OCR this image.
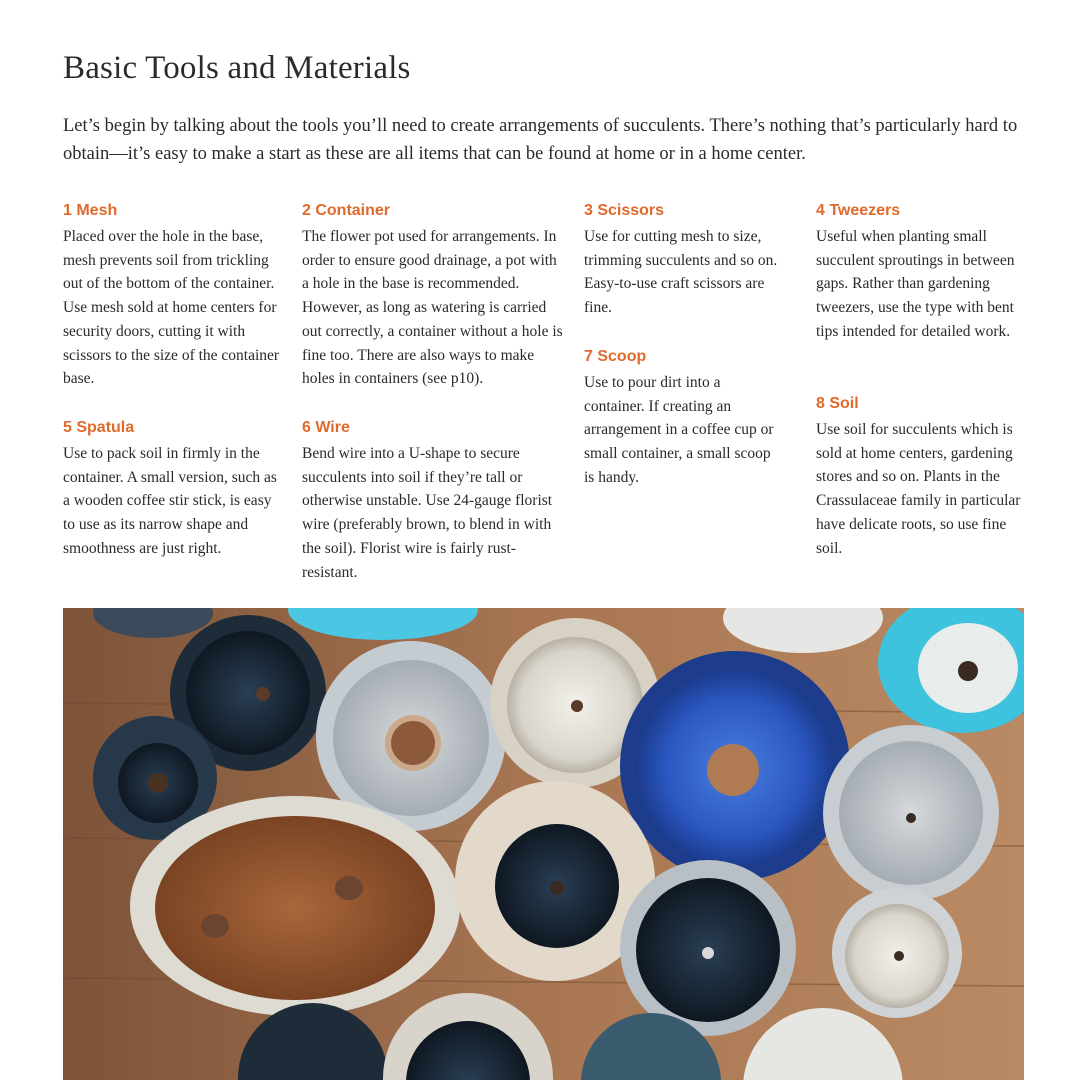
Basic Tools and Materials

Let’s begin by talking about the tools you’ll need to create arrangements of succulents. There’s nothing that’s particularly hard to obtain—it’s easy to make a start as these are all items that can be found at home or in a home center.

1 Mesh

Placed over the hole in the base, mesh prevents soil from trickling out of the bottom of the container. Use mesh sold at home centers for security doors, cutting it with scissors to the size of the container base.

2 Container

The flower pot used for arrangements. In order to ensure good drainage, a pot with a hole in the base is recommended. However, as long as watering is carried out correctly, a container without a hole is fine too. There are also ways to make holes in containers (see p10).

3 Scissors

Use for cutting mesh to size, trimming succulents and so on. Easy-to-use craft scissors are fine.

4 Tweezers

Useful when planting small succulent sproutings in between gaps. Rather than gardening tweezers, use the type with bent tips intended for detailed work.

5 Spatula

Use to pack soil in firmly in the container. A small version, such as a wooden coffee stir stick, is easy to use as its narrow shape and smoothness are just right.

6 Wire

Bend wire into a U-shape to secure succulents into soil if they’re tall or otherwise unstable. Use 24-gauge florist wire (preferably brown, to blend in with the soil). Florist wire is fairly rust-resistant.

7 Scoop

Use to pour dirt into a container. If creating an arrangement in a coffee cup or small container, a small scoop is handy.

8 Soil

Use soil for succulents which is sold at home centers, gardening stores and so on. Plants in the Crassulaceae family in particular have delicate roots, so use fine soil.
